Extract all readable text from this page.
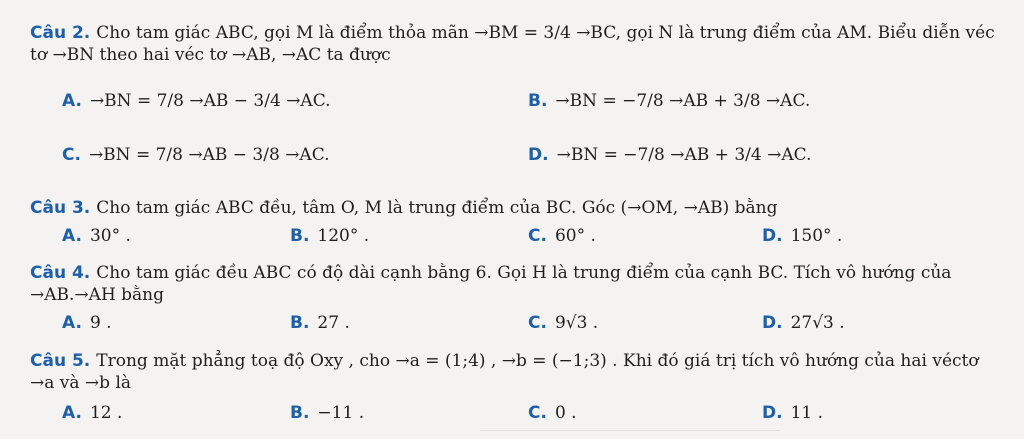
Câu 2. Cho tam giác ABC, gọi M là điểm thỏa mãn →BM = 3/4 →BC, gọi N là trung điểm của AM. Biểu diễn véc tơ →BN theo hai véc tơ →AB, →AC ta được
A. →BN = 7/8 →AB − 3/4 →AC.	B. →BN = −7/8 →AB + 3/8 →AC.
C. →BN = 7/8 →AB − 3/8 →AC.	D. →BN = −7/8 →AB + 3/4 →AC.
Câu 3. Cho tam giác ABC đều, tâm O, M là trung điểm của BC. Góc (→OM, →AB) bằng
A. 30° .	B. 120° .	C. 60° .	D. 150° .
Câu 4. Cho tam giác đều ABC có độ dài cạnh bằng 6. Gọi H là trung điểm của cạnh BC. Tích vô hướng của →AB.→AH bằng
A. 9 .	B. 27 .	C. 9√3 .	D. 27√3 .
Câu 5. Trong mặt phẳng toạ độ Oxy , cho →a = (1;4) , →b = (−1;3) . Khi đó giá trị tích vô hướng của hai véctơ →a và →b là
A. 12 .	B. −11 .	C. 0 .	D. 11 .
